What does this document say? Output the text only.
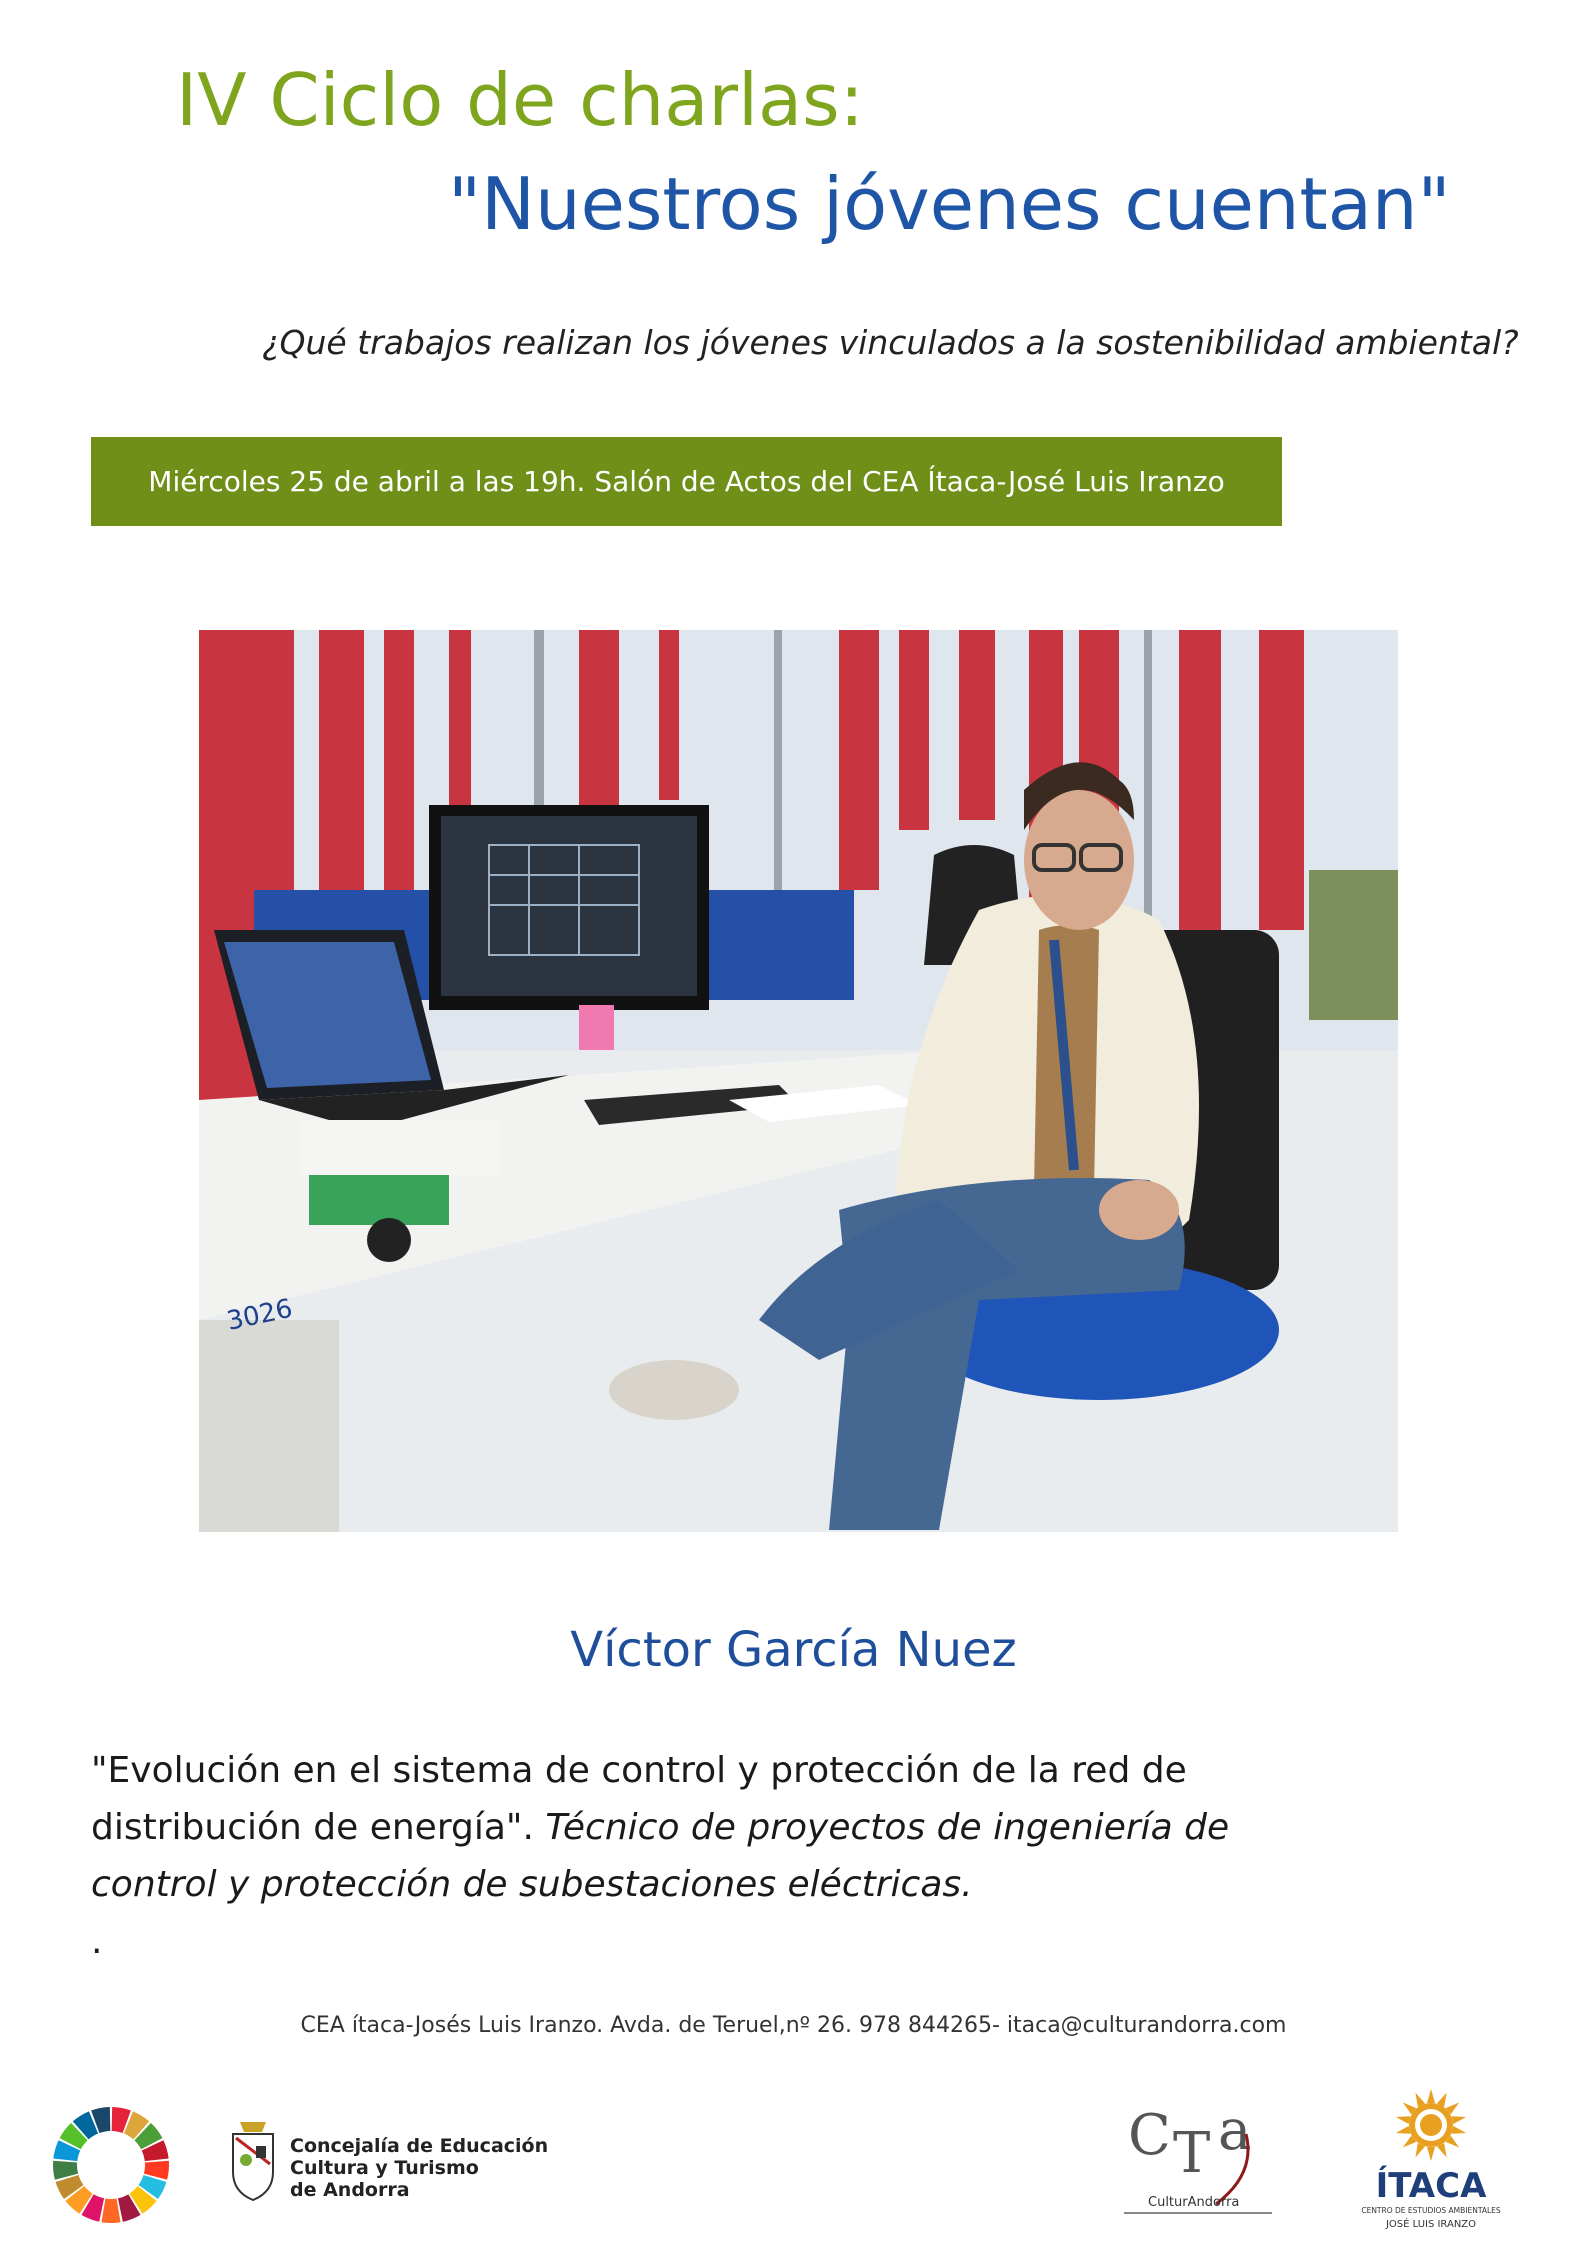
IV Ciclo de charlas:
"Nuestros jóvenes cuentan"
¿Qué trabajos realizan los jóvenes vinculados a la sostenibilidad ambiental?
Miércoles 25 de abril a las 19h. Salón de Actos del CEA Ítaca-José Luis Iranzo
3026
Víctor García Nuez
"Evolución en el sistema de control y protección de la red de
distribución de energía". Técnico de proyectos de ingeniería de
control y protección de subestaciones eléctricas.
.
CEA ítaca-Josés Luis Iranzo. Avda. de Teruel,nº 26. 978 844265- itaca@culturandorra.com
Concejalía de Educación
Cultura y Turismo
de Andorra
C T a
CulturAndorra	ÍTACA
CENTRO DE ESTUDIOS AMBIENTALES
JOSÉ LUIS IRANZO
